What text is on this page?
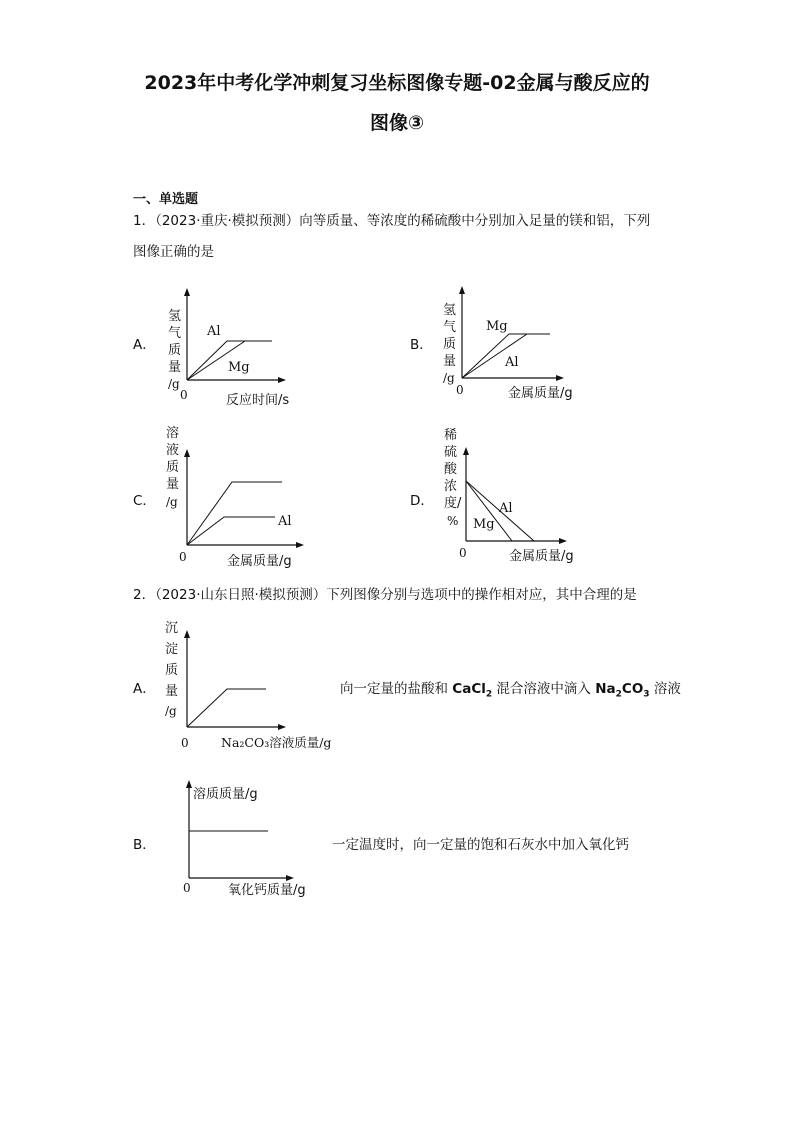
2023年中考化学冲刺复习坐标图像专题-02金属与酸反应的
图像③
一、单选题
1．（2023·重庆·模拟预测）向等质量、等浓度的稀硫酸中分别加入足量的镁和铝，下列
图像正确的是
A．	B．
C．	D．
2．（2023·山东日照·模拟预测）下列图像分别与选项中的操作相对应，其中合理的是
A．	向一定量的盐酸和 CaCl$_2$ 混合溶液中滴入 $Na_2CO_3$ 溶液
B．	一定温度时，向一定量的饱和石灰水中加入氧化钙
氢
气
质
量
/g
0	反应时间/s
Al
Mg
氢
气
质
量
/g
0	金属质量/g
Mg
Al
溶
液
质
量
/g
0	金属质量/g
Al
稀
硫
酸
浓
度/
%
0	金属质量/g
Al
Mg
沉
淀
质
量
/g
0	Na₂CO₃溶液质量/g
溶质质量/g
0	氧化钙质量/g
